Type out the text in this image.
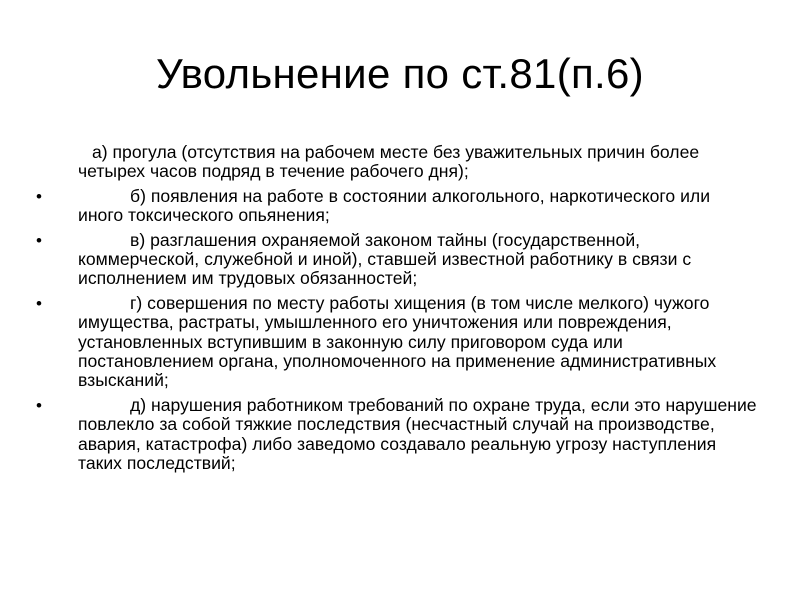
Увольнение по ст.81(п.6)
а) прогула (отсутствия на рабочем месте без уважительных причин более четырех часов подряд в течение рабочего дня);
•	б) появления на работе в состоянии алкогольного, наркотического или иного токсического опьянения;
•	в) разглашения охраняемой законом тайны (государственной, коммерческой, служебной и иной), ставшей известной работнику в связи с исполнением им трудовых обязанностей;
•	г) совершения по месту работы хищения (в том числе мелкого) чужого имущества, растраты, умышленного его уничтожения или повреждения, установленных вступившим в законную силу приговором суда или постановлением органа, уполномоченного на применение административных взысканий;
•	д) нарушения работником требований по охране труда, если это нарушение повлекло за собой тяжкие последствия (несчастный случай на производстве, авария, катастрофа) либо заведомо создавало реальную угрозу наступления таких последствий;
